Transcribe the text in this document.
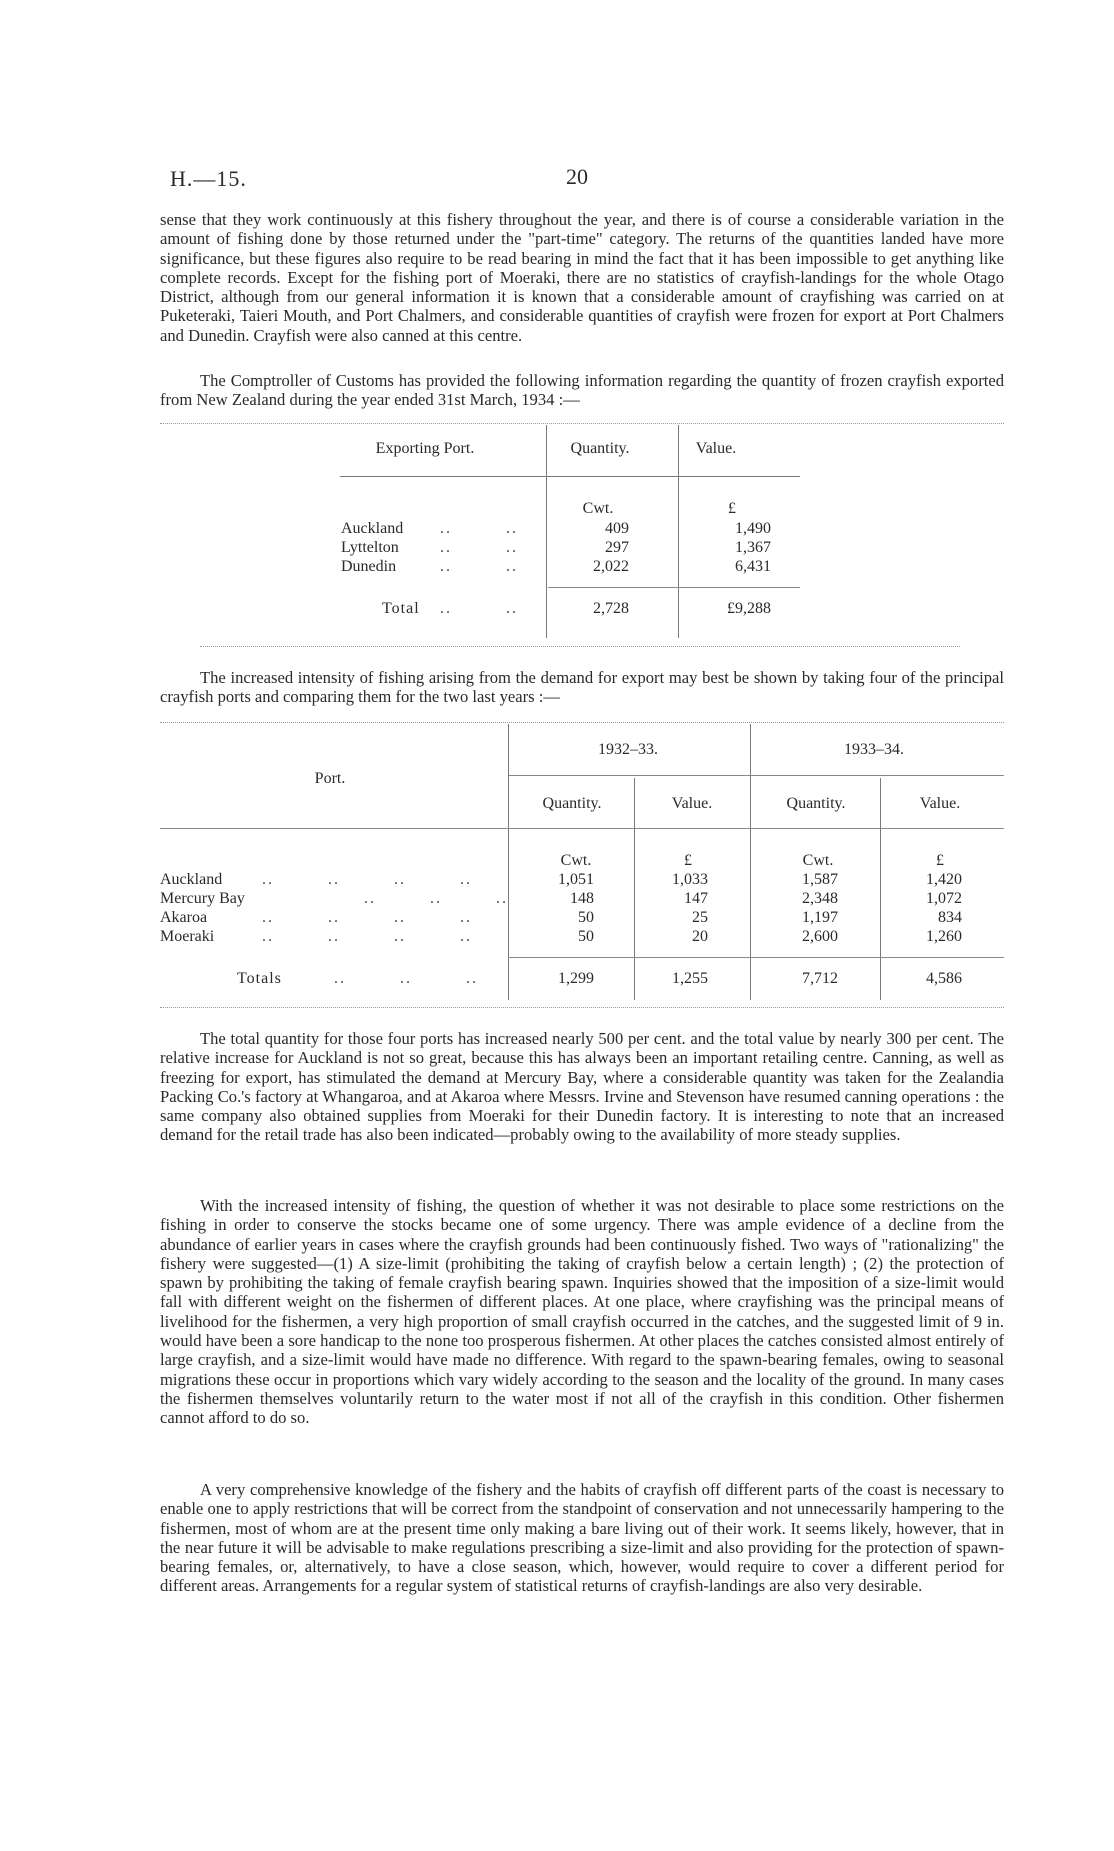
H.—15.	20

sense that they work continuously at this fishery throughout the year, and there is of course a considerable variation in the amount of fishing done by those returned under the "part-time" category. The returns of the quantities landed have more significance, but these figures also require to be read bearing in mind the fact that it has been impossible to get anything like complete records. Except for the fishing port of Moeraki, there are no statistics of crayfish-landings for the whole Otago District, although from our general information it is known that a considerable amount of crayfishing was carried on at Puketeraki, Taieri Mouth, and Port Chalmers, and considerable quantities of crayfish were frozen for export at Port Chalmers and Dunedin. Crayfish were also canned at this centre.

The Comptroller of Customs has provided the following information regarding the quantity of frozen crayfish exported from New Zealand during the year ended 31st March, 1934 :—

Exporting Port.	Quantity.	Value.
Cwt.	£
Auckland ..         ..	409	1,490
Lyttelton	..         ..	297	1,367
Dunedin	..         ..	2,022	6,431
Total ..         ..	2,728	£9,288

The increased intensity of fishing arising from the demand for export may best be shown by taking four of the principal crayfish ports and comparing them for the two last years :—

Port.
1932–33.	1933–34.
Quantity.	Value.	Quantity.	Value.
Cwt.	£	Cwt.	£
Auckland ..         ..         ..         ..	1,051	1,033	1,587	1,420
Mercury Bay ..         ..         ..	148	147	2,348	1,072
Akaroa	..         ..         ..         ..	50	25	1,197	834
Moeraki	..         ..         ..         ..	50	20	2,600	1,260
Totals	..         ..         ..	1,299	1,255	7,712	4,586

The total quantity for those four ports has increased nearly 500 per cent. and the total value by nearly 300 per cent. The relative increase for Auckland is not so great, because this has always been an important retailing centre. Canning, as well as freezing for export, has stimulated the demand at Mercury Bay, where a considerable quantity was taken for the Zealandia Packing Co.'s factory at Whangaroa, and at Akaroa where Messrs. Irvine and Stevenson have resumed canning operations : the same company also obtained supplies from Moeraki for their Dunedin factory. It is interesting to note that an increased demand for the retail trade has also been indicated—probably owing to the availability of more steady supplies.

With the increased intensity of fishing, the question of whether it was not desirable to place some restrictions on the fishing in order to conserve the stocks became one of some urgency. There was ample evidence of a decline from the abundance of earlier years in cases where the crayfish grounds had been continuously fished. Two ways of "rationalizing" the fishery were suggested—(1) A size-limit (prohibiting the taking of crayfish below a certain length) ; (2) the protection of spawn by prohibiting the taking of female crayfish bearing spawn. Inquiries showed that the imposition of a size-limit would fall with different weight on the fishermen of different places. At one place, where crayfishing was the principal means of livelihood for the fishermen, a very high proportion of small crayfish occurred in the catches, and the suggested limit of 9 in. would have been a sore handicap to the none too prosperous fishermen. At other places the catches consisted almost entirely of large crayfish, and a size-limit would have made no difference. With regard to the spawn-bearing females, owing to seasonal migrations these occur in proportions which vary widely according to the season and the locality of the ground. In many cases the fishermen themselves voluntarily return to the water most if not all of the crayfish in this condition. Other fishermen cannot afford to do so.

A very comprehensive knowledge of the fishery and the habits of crayfish off different parts of the coast is necessary to enable one to apply restrictions that will be correct from the standpoint of conservation and not unnecessarily hampering to the fishermen, most of whom are at the present time only making a bare living out of their work. It seems likely, however, that in the near future it will be advisable to make regulations prescribing a size-limit and also providing for the protection of spawn-bearing females, or, alternatively, to have a close season, which, however, would require to cover a different period for different areas. Arrangements for a regular system of statistical returns of crayfish-landings are also very desirable.
